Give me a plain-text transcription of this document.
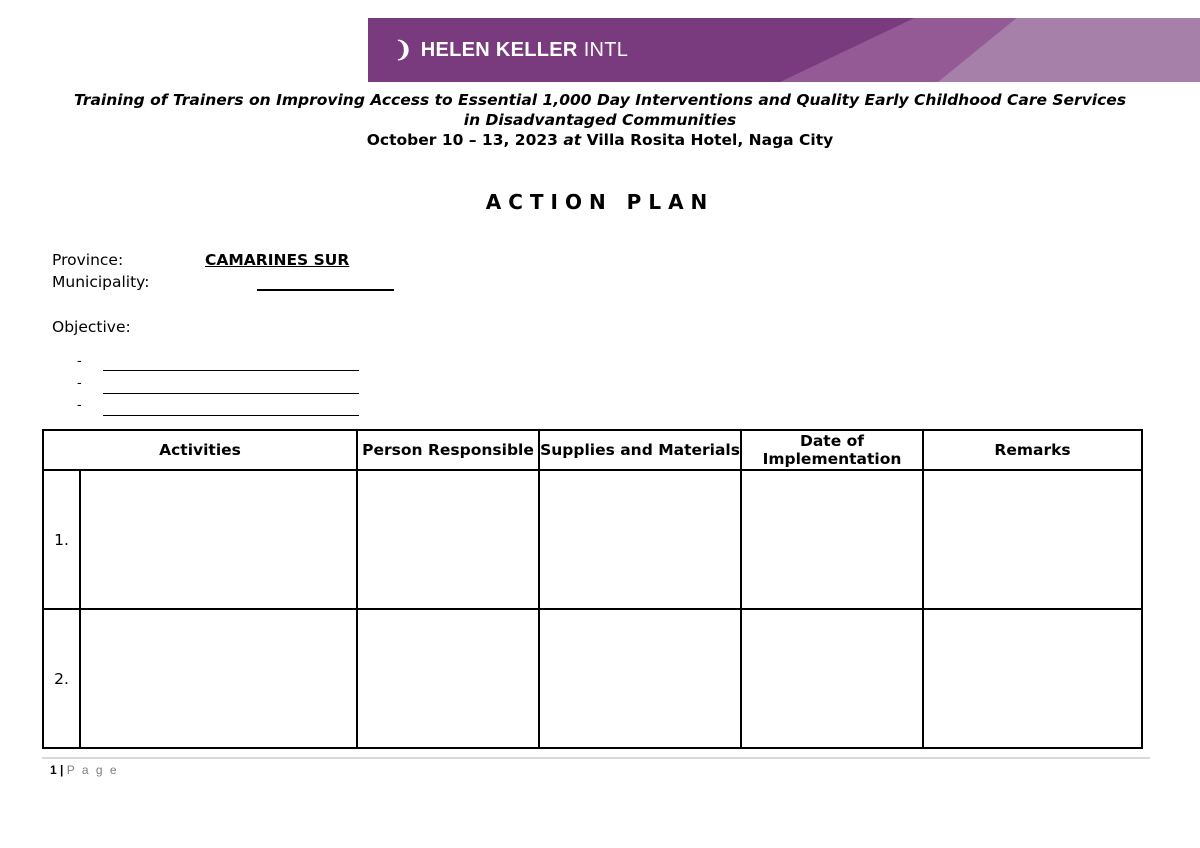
❩ HELEN KELLER INTL
Training of Trainers on Improving Access to Essential 1,000 Day Interventions and Quality Early Childhood Care Services
in Disadvantaged Communities
October 10 – 13, 2023 at Villa Rosita Hotel, Naga City
ACTION PLAN
Province:	CAMARINES SUR
Municipality:
Objective:
-
-
-
Activities		Person Responsible	Supplies and Materials	Date of Implementation	Remarks
1.					
2.					
1 | P a g e
